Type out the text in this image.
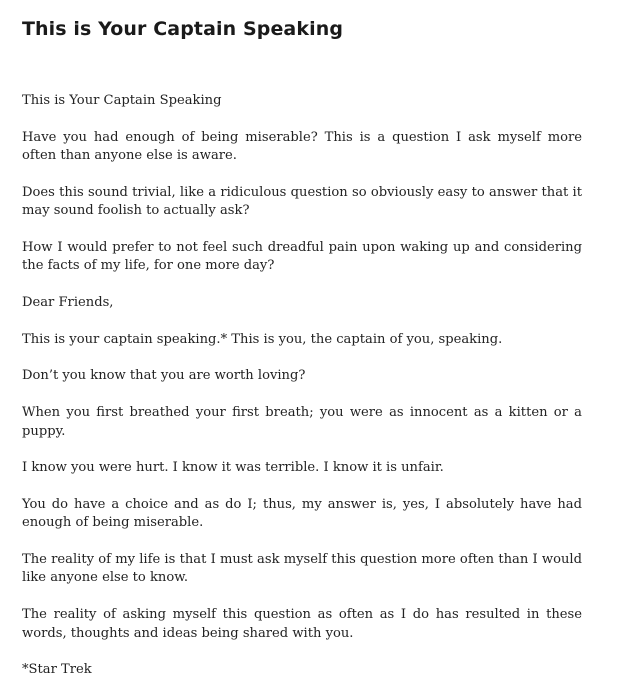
This is Your Captain Speaking

This is Your Captain Speaking

Have you had enough of being miserable? This is a question I ask myself more often than anyone else is aware.

Does this sound trivial, like a ridiculous question so obviously easy to answer that it may sound foolish to actually ask?

How I would prefer to not feel such dreadful pain upon waking up and considering the facts of my life, for one more day?

Dear Friends,

This is your captain speaking.* This is you, the captain of you, speaking.

Don’t you know that you are worth loving?

When you first breathed your first breath; you were as innocent as a kitten or a puppy.

I know you were hurt. I know it was terrible. I know it is unfair.

You do have a choice and as do I; thus, my answer is, yes, I absolutely have had enough of being miserable.

The reality of my life is that I must ask myself this question more often than I would like anyone else to know.

The reality of asking myself this question as often as I do has resulted in these words, thoughts and ideas being shared with you.

*Star Trek
